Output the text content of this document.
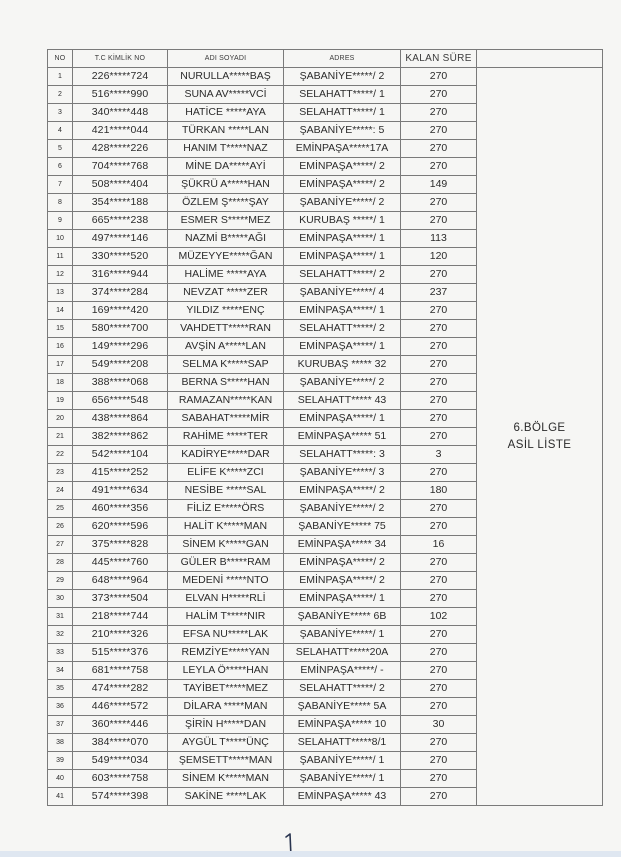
NO	T.C KİMLİK NO	ADI SOYADI	ADRES	KALAN SÜRE	
1	226*****724	NURULLA*****BAŞ	ŞABANİYE*****/ 2	270	6.BÖLGE
ASİL LİSTE

2	516*****990	SUNA AV*****VCİ	SELAHATT*****/ 1	270	
3	340*****448	HATİCE *****AYA	SELAHATT*****/ 1	270	
4	421*****044	TÜRKAN *****LAN	ŞABANİYE*****: 5	270	
5	428*****226	HANIM T*****NAZ	EMİNPAŞA*****17A	270	
6	704*****768	MİNE DA*****AYİ	EMİNPAŞA*****/ 2	270	
7	508*****404	ŞÜKRÜ A*****HAN	EMİNPAŞA*****/ 2	149	
8	354*****188	ÖZLEM Ş*****ŞAY	ŞABANİYE*****/ 2	270	
9	665*****238	ESMER S*****MEZ	KURUBAŞ *****/ 1	270	
10	497*****146	NAZMİ B*****AĞI	EMİNPAŞA*****/ 1	113	
11	330*****520	MÜZEYYE*****ĞAN	EMİNPAŞA*****/ 1	120	
12	316*****944	HALİME *****AYA	SELAHATT*****/ 2	270	
13	374*****284	NEVZAT *****ZER	ŞABANİYE*****/ 4	237	
14	169*****420	YILDIZ *****ENÇ	EMİNPAŞA*****/ 1	270	
15	580*****700	VAHDETT*****RAN	SELAHATT*****/ 2	270	
16	149*****296	AVŞİN A*****LAN	EMİNPAŞA*****/ 1	270	
17	549*****208	SELMA K*****SAP	KURUBAŞ ***** 32	270	
18	388*****068	BERNA S*****HAN	ŞABANİYE*****/ 2	270	
19	656*****548	RAMAZAN*****KAN	SELAHATT***** 43	270	
20	438*****864	SABAHAT*****MİR	EMİNPAŞA*****/ 1	270	
21	382*****862	RAHİME *****TER	EMİNPAŞA***** 51	270	
22	542*****104	KADİRYE*****DAR	SELAHATT*****: 3	3	
23	415*****252	ELİFE K*****ZCI	ŞABANİYE*****/ 3	270	
24	491*****634	NESİBE *****SAL	EMİNPAŞA*****/ 2	180	
25	460*****356	FİLİZ E*****ÖRS	ŞABANİYE*****/ 2	270	
26	620*****596	HALİT K*****MAN	ŞABANİYE***** 75	270	
27	375*****828	SİNEM K*****GAN	EMİNPAŞA***** 34	16	
28	445*****760	GÜLER B*****RAM	EMİNPAŞA*****/ 2	270	
29	648*****964	MEDENİ *****NTO	EMİNPAŞA*****/ 2	270	
30	373*****504	ELVAN H*****RLİ	EMİNPAŞA*****/ 1	270	
31	218*****744	HALİM T*****NIR	ŞABANİYE***** 6B	102	
32	210*****326	EFSA NU*****LAK	ŞABANİYE*****/ 1	270	
33	515*****376	REMZİYE*****YAN	SELAHATT*****20A	270	
34	681*****758	LEYLA Ö*****HAN	EMİNPAŞA*****/ -	270	
35	474*****282	TAYİBET*****MEZ	SELAHATT*****/ 2	270	
36	446*****572	DİLARA *****MAN	ŞABANİYE***** 5A	270	
37	360*****446	ŞİRİN H*****DAN	EMİNPAŞA***** 10	30	
38	384*****070	AYGÜL T*****ÜNÇ	SELAHATT*****8/1	270	
39	549*****034	ŞEMSETT*****MAN	ŞABANİYE*****/ 1	270	
40	603*****758	SİNEM K*****MAN	ŞABANİYE*****/ 1	270	
41	574*****398	SAKİNE *****LAK	EMİNPAŞA***** 43	270	
